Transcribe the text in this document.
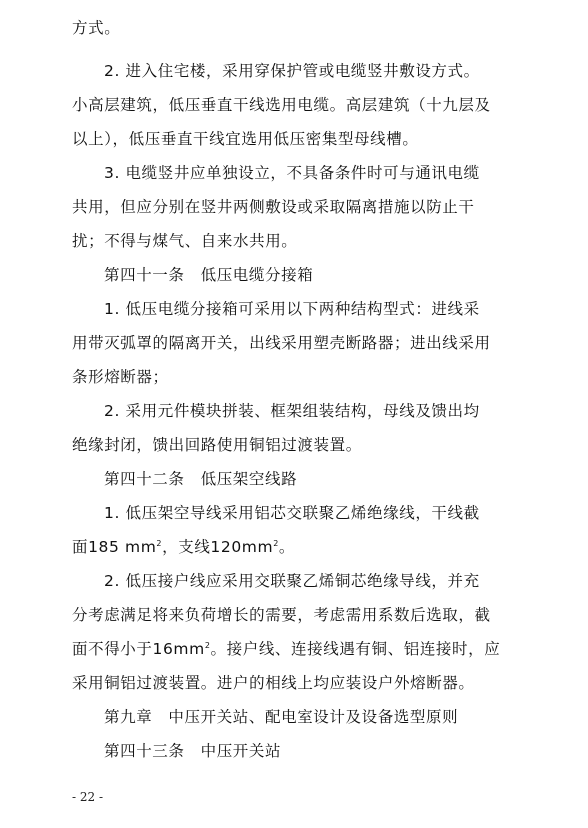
方式。
2. 进入住宅楼，采用穿保护管或电缆竖井敷设方式。
小高层建筑，低压垂直干线选用电缆。高层建筑（十九层及
以上），低压垂直干线宜选用低压密集型母线槽。
3. 电缆竖井应单独设立，不具备条件时可与通讯电缆
共用，但应分别在竖井两侧敷设或采取隔离措施以防止干
扰；不得与煤气、自来水共用。
第四十一条　低压电缆分接箱
1. 低压电缆分接箱可采用以下两种结构型式：进线采
用带灭弧罩的隔离开关，出线采用塑壳断路器；进出线采用
条形熔断器；
2. 采用元件模块拼装、框架组装结构，母线及馈出均
绝缘封闭，馈出回路使用铜铝过渡装置。
第四十二条　低压架空线路
1. 低压架空导线采用铝芯交联聚乙烯绝缘线，干线截
面185 $mm^2$，支线$120mm^2$。
2. 低压接户线应采用交联聚乙烯铜芯绝缘导线，并充
分考虑满足将来负荷增长的需要，考虑需用系数后选取，截
面不得小于$16mm^2$。接户线、连接线遇有铜、铝连接时，应
采用铜铝过渡装置。进户的相线上均应装设户外熔断器。
第九章　中压开关站、配电室设计及设备选型原则
第四十三条　中压开关站
- 22 -
